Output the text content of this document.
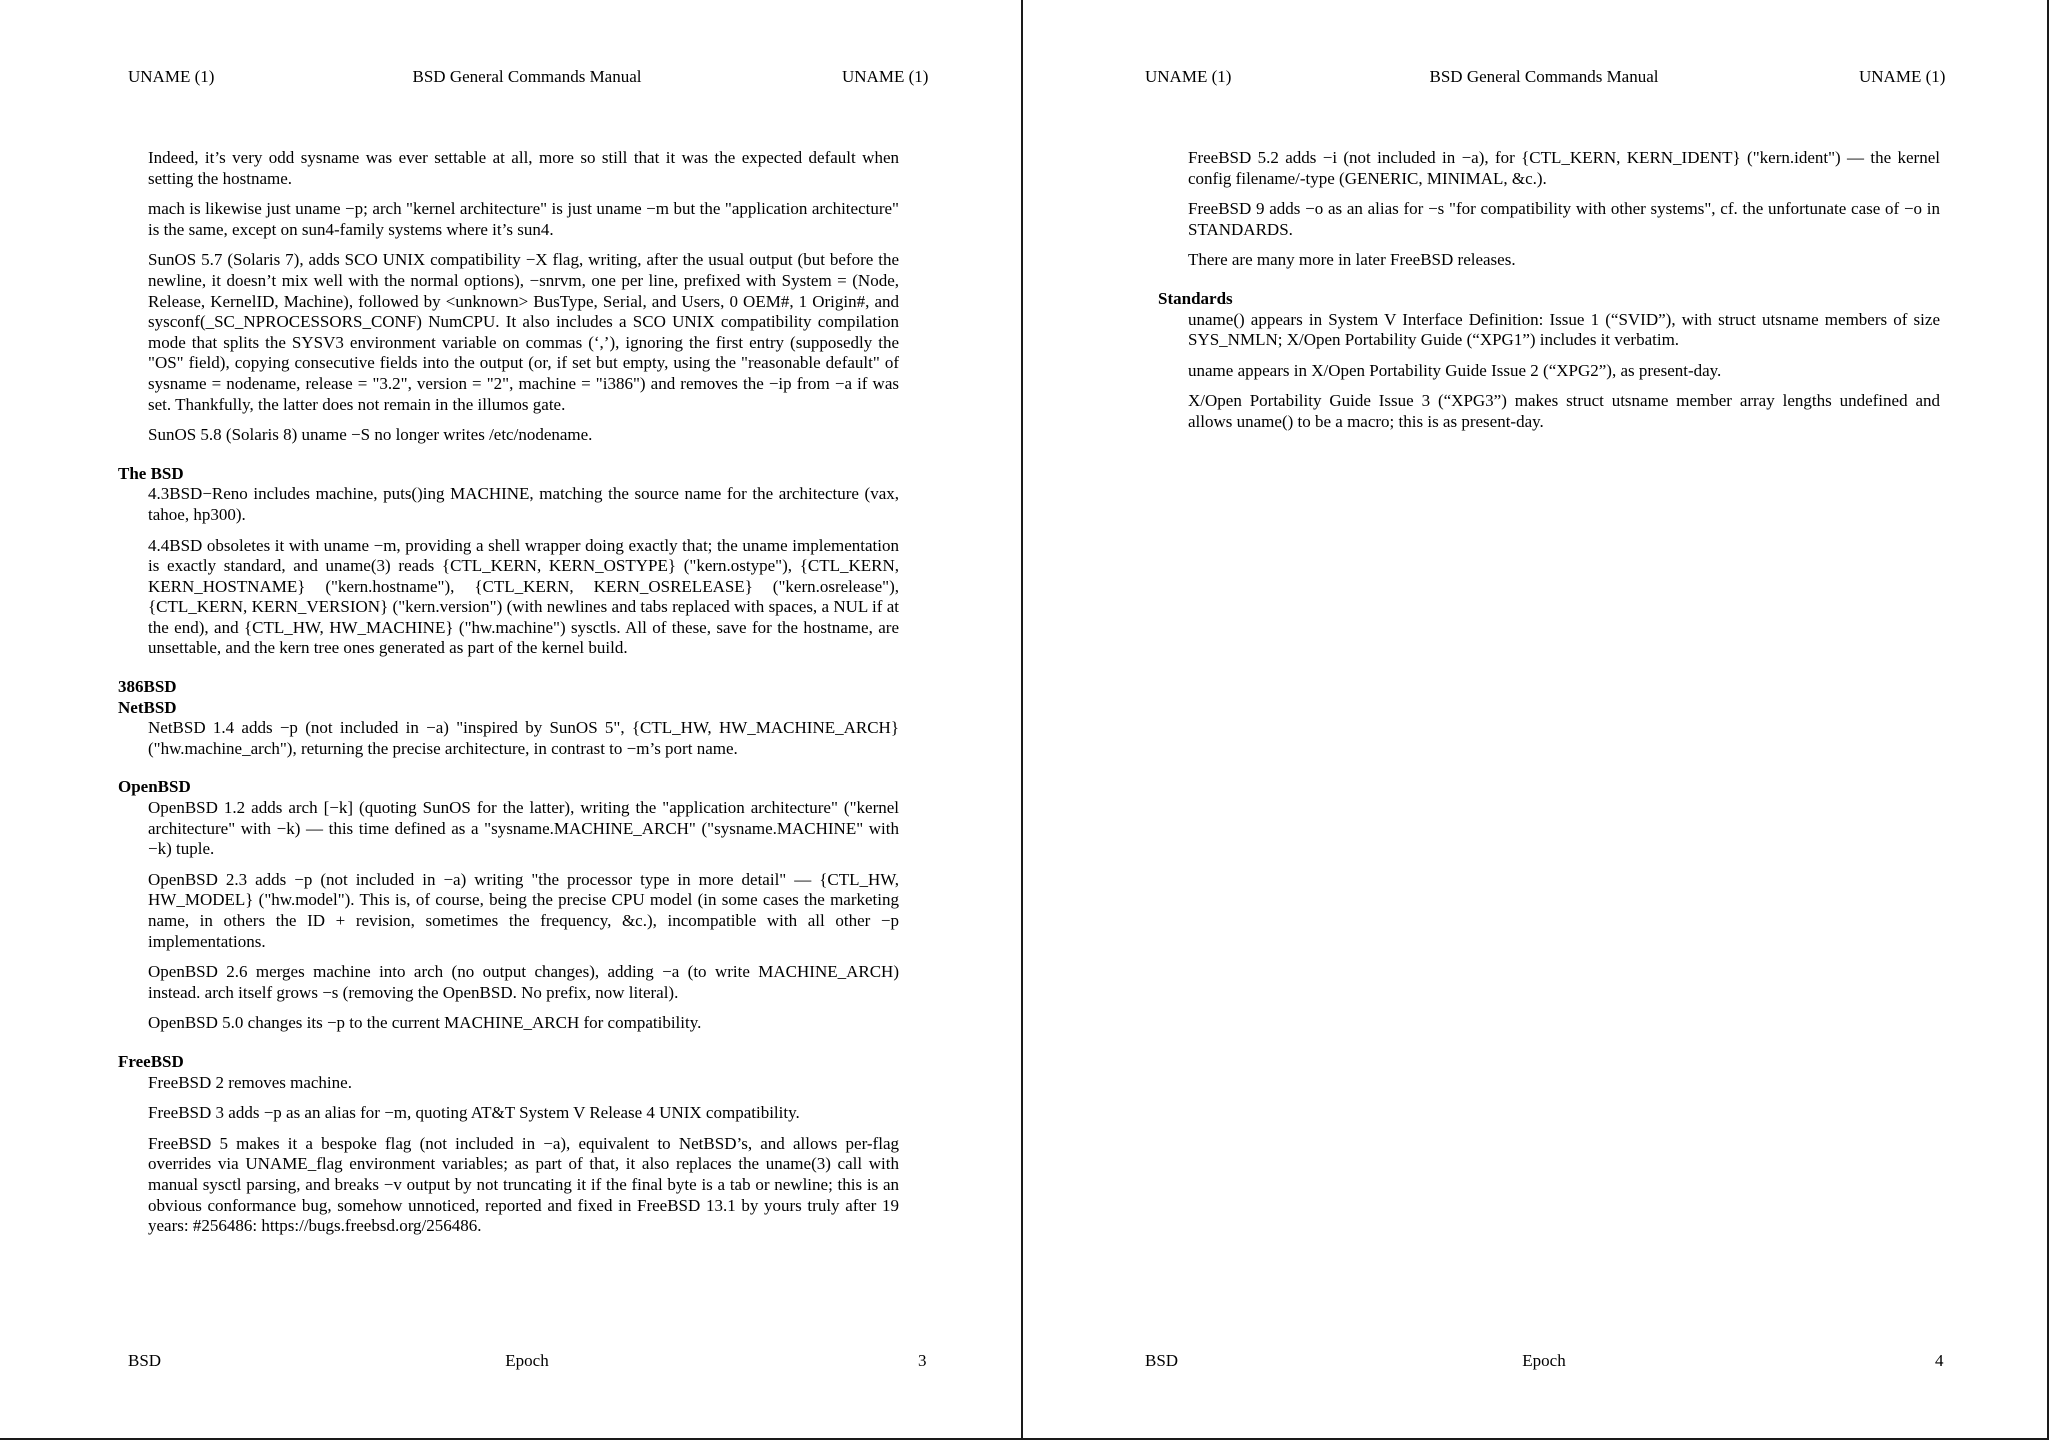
UNAME (1)	BSD General Commands Manual	UNAME (1)

Indeed, it’s very odd sysname was ever settable at all, more so still that it was the expected default when setting the hostname.

mach is likewise just uname −p; arch "kernel architecture" is just uname −m but the "application architecture" is the same, except on sun4-family systems where it’s sun4.

SunOS 5.7 (Solaris 7), adds SCO UNIX compatibility −X flag, writing, after the usual output (but before the newline, it doesn’t mix well with the normal options), −snrvm, one per line, prefixed with System = (Node, Release, KernelID, Machine), followed by <unknown> BusType, Serial, and Users, 0 OEM#, 1 Origin#, and sysconf(_SC_NPROCESSORS_CONF) NumCPU. It also includes a SCO UNIX compatibility compilation mode that splits the SYSV3 environment variable on commas (‘,’), ignoring the first entry (supposedly the "OS" field), copying consecutive fields into the output (or, if set but empty, using the "reasonable default" of sysname = nodename, release = "3.2", version = "2", machine = "i386") and removes the −ip from −a if was set. Thankfully, the latter does not remain in the illumos gate.

SunOS 5.8 (Solaris 8) uname −S no longer writes /etc/nodename.

The BSD

4.3BSD−Reno includes machine, puts()ing MACHINE, matching the source name for the architecture (vax, tahoe, hp300).

4.4BSD obsoletes it with uname −m, providing a shell wrapper doing exactly that; the uname implementation is exactly standard, and uname(3) reads {CTL_KERN, KERN_OSTYPE} ("kern.ostype"), {CTL_KERN, KERN_HOSTNAME} ("kern.hostname"), {CTL_KERN, KERN_OSRELEASE} ("kern.osrelease"), {CTL_KERN, KERN_VERSION} ("kern.version") (with newlines and tabs replaced with spaces, a NUL if at the end), and {CTL_HW, HW_MACHINE} ("hw.machine") sysctls. All of these, save for the hostname, are unsettable, and the kern tree ones generated as part of the kernel build.

386BSD

NetBSD

NetBSD 1.4 adds −p (not included in −a) "inspired by SunOS 5", {CTL_HW, HW_MACHINE_ARCH} ("hw.machine_arch"), returning the precise architecture, in contrast to −m’s port name.

OpenBSD

OpenBSD 1.2 adds arch [−k] (quoting SunOS for the latter), writing the "application architecture" ("kernel architecture" with −k) — this time defined as a "sysname.MACHINE_ARCH" ("sysname.MACHINE" with −k) tuple.

OpenBSD 2.3 adds −p (not included in −a) writing "the processor type in more detail" — {CTL_HW, HW_MODEL} ("hw.model"). This is, of course, being the precise CPU model (in some cases the marketing name, in others the ID + revision, sometimes the frequency, &c.), incompatible with all other −p implementations.

OpenBSD 2.6 merges machine into arch (no output changes), adding −a (to write MACHINE_ARCH) instead. arch itself grows −s (removing the OpenBSD. No prefix, now literal).

OpenBSD 5.0 changes its −p to the current MACHINE_ARCH for compatibility.

FreeBSD

FreeBSD 2 removes machine.

FreeBSD 3 adds −p as an alias for −m, quoting AT&T System V Release 4 UNIX compatibility.

FreeBSD 5 makes it a bespoke flag (not included in −a), equivalent to NetBSD’s, and allows per-flag overrides via UNAME_flag environment variables; as part of that, it also replaces the uname(3) call with manual sysctl parsing, and breaks −v output by not truncating it if the final byte is a tab or newline; this is an obvious conformance bug, somehow unnoticed, reported and fixed in FreeBSD 13.1 by yours truly after 19 years: #256486: https://bugs.freebsd.org/256486.

BSD	Epoch	3
UNAME (1)	BSD General Commands Manual	UNAME (1)

FreeBSD 5.2 adds −i (not included in −a), for {CTL_KERN, KERN_IDENT} ("kern.ident") — the kernel config filename/-type (GENERIC, MINIMAL, &c.).

FreeBSD 9 adds −o as an alias for −s "for compatibility with other systems", cf. the unfortunate case of −o in STANDARDS.

There are many more in later FreeBSD releases.

Standards

uname() appears in System V Interface Definition: Issue 1 (“SVID”), with struct utsname members of size SYS_NMLN; X/Open Portability Guide (“XPG1”) includes it verbatim.

uname appears in X/Open Portability Guide Issue 2 (“XPG2”), as present-day.

X/Open Portability Guide Issue 3 (“XPG3”) makes struct utsname member array lengths undefined and allows uname() to be a macro; this is as present-day.

BSD	Epoch	4
